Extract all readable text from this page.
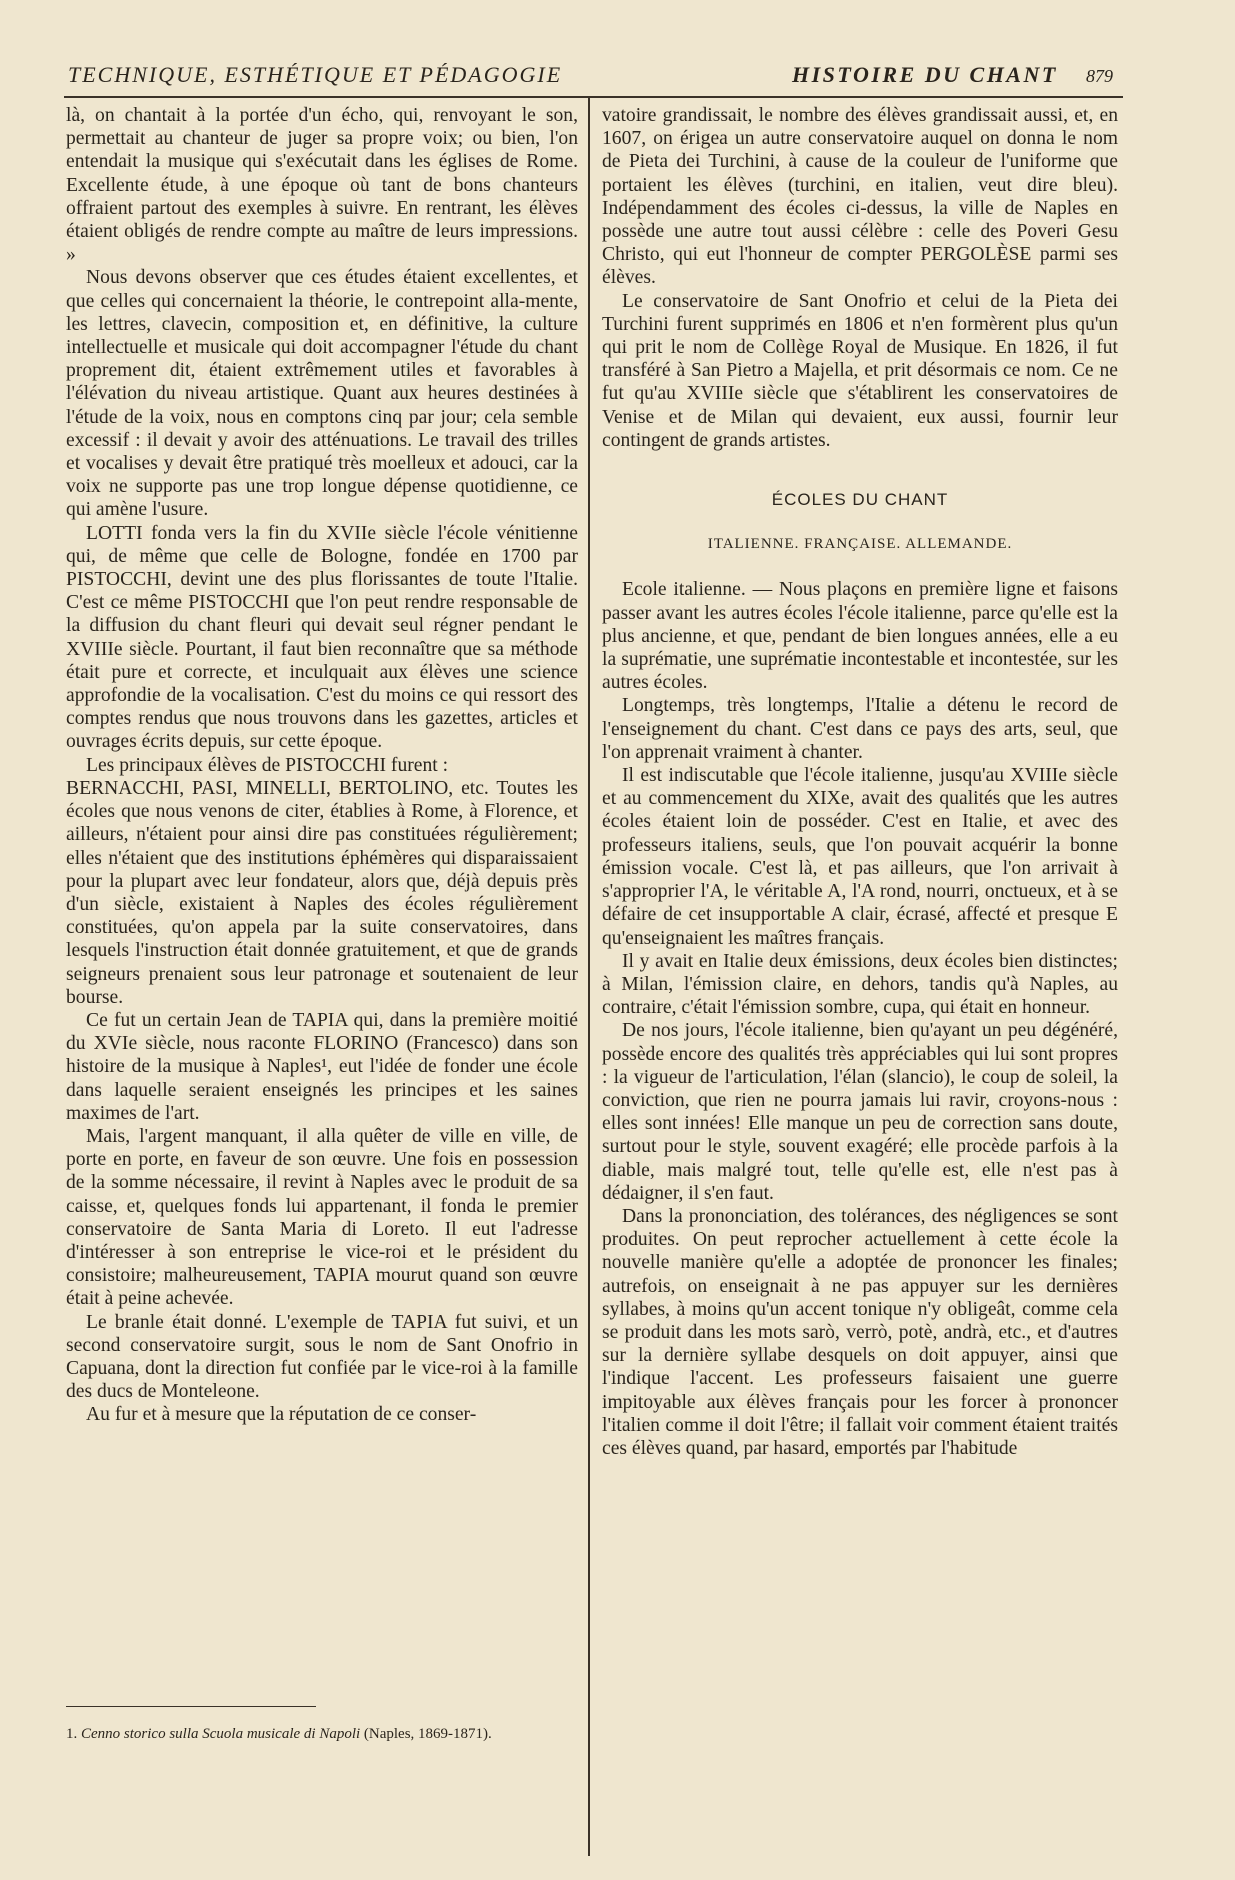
TECHNIQUE, ESTHÉTIQUE ET PÉDAGOGIE	HISTOIRE DU CHANT 879

là, on chantait à la portée d'un écho, qui, renvoyant le son, permettait au chanteur de juger sa propre voix; ou bien, l'on entendait la musique qui s'exécutait dans les églises de Rome. Excellente étude, à une époque où tant de bons chanteurs offraient partout des exemples à suivre. En rentrant, les élèves étaient obligés de rendre compte au maître de leurs impressions. »

Nous devons observer que ces études étaient excellentes, et que celles qui concernaient la théorie, le contrepoint alla-mente, les lettres, clavecin, composition et, en définitive, la culture intellectuelle et musicale qui doit accompagner l'étude du chant proprement dit, étaient extrêmement utiles et favorables à l'élévation du niveau artistique. Quant aux heures destinées à l'étude de la voix, nous en comptons cinq par jour; cela semble excessif : il devait y avoir des atténuations. Le travail des trilles et vocalises y devait être pratiqué très moelleux et adouci, car la voix ne supporte pas une trop longue dépense quotidienne, ce qui amène l'usure.

LOTTI fonda vers la fin du XVIIe siècle l'école vénitienne qui, de même que celle de Bologne, fondée en 1700 par PISTOCCHI, devint une des plus florissantes de toute l'Italie. C'est ce même PISTOCCHI que l'on peut rendre responsable de la diffusion du chant fleuri qui devait seul régner pendant le XVIIIe siècle. Pourtant, il faut bien reconnaître que sa méthode était pure et correcte, et inculquait aux élèves une science approfondie de la vocalisation. C'est du moins ce qui ressort des comptes rendus que nous trouvons dans les gazettes, articles et ouvrages écrits depuis, sur cette époque.

Les principaux élèves de PISTOCCHI furent :

BERNACCHI, PASI, MINELLI, BERTOLINO, etc. Toutes les écoles que nous venons de citer, établies à Rome, à Florence, et ailleurs, n'étaient pour ainsi dire pas constituées régulièrement; elles n'étaient que des institutions éphémères qui disparaissaient pour la plupart avec leur fondateur, alors que, déjà depuis près d'un siècle, existaient à Naples des écoles régulièrement constituées, qu'on appela par la suite conservatoires, dans lesquels l'instruction était donnée gratuitement, et que de grands seigneurs prenaient sous leur patronage et soutenaient de leur bourse.

Ce fut un certain Jean de TAPIA qui, dans la première moitié du XVIe siècle, nous raconte FLORINO (Francesco) dans son histoire de la musique à Naples¹, eut l'idée de fonder une école dans laquelle seraient enseignés les principes et les saines maximes de l'art.

Mais, l'argent manquant, il alla quêter de ville en ville, de porte en porte, en faveur de son œuvre. Une fois en possession de la somme nécessaire, il revint à Naples avec le produit de sa caisse, et, quelques fonds lui appartenant, il fonda le premier conservatoire de Santa Maria di Loreto. Il eut l'adresse d'intéresser à son entreprise le vice-roi et le président du consistoire; malheureusement, TAPIA mourut quand son œuvre était à peine achevée.

Le branle était donné. L'exemple de TAPIA fut suivi, et un second conservatoire surgit, sous le nom de Sant Onofrio in Capuana, dont la direction fut confiée par le vice-roi à la famille des ducs de Monteleone.

Au fur et à mesure que la réputation de ce conser-

1. Cenno storico sulla Scuola musicale di Napoli (Naples, 1869-1871).

vatoire grandissait, le nombre des élèves grandissait aussi, et, en 1607, on érigea un autre conservatoire auquel on donna le nom de Pieta dei Turchini, à cause de la couleur de l'uniforme que portaient les élèves (turchini, en italien, veut dire bleu). Indépendamment des écoles ci-dessus, la ville de Naples en possède une autre tout aussi célèbre : celle des Poveri Gesu Christo, qui eut l'honneur de compter PERGOLÈSE parmi ses élèves.

Le conservatoire de Sant Onofrio et celui de la Pieta dei Turchini furent supprimés en 1806 et n'en formèrent plus qu'un qui prit le nom de Collège Royal de Musique. En 1826, il fut transféré à San Pietro a Majella, et prit désormais ce nom. Ce ne fut qu'au XVIIIe siècle que s'établirent les conservatoires de Venise et de Milan qui devaient, eux aussi, fournir leur contingent de grands artistes.

ÉCOLES DU CHANT
ITALIENNE. FRANÇAISE. ALLEMANDE.

Ecole italienne. — Nous plaçons en première ligne et faisons passer avant les autres écoles l'école italienne, parce qu'elle est la plus ancienne, et que, pendant de bien longues années, elle a eu la suprématie, une suprématie incontestable et incontestée, sur les autres écoles.

Longtemps, très longtemps, l'Italie a détenu le record de l'enseignement du chant. C'est dans ce pays des arts, seul, que l'on apprenait vraiment à chanter.

Il est indiscutable que l'école italienne, jusqu'au XVIIIe siècle et au commencement du XIXe, avait des qualités que les autres écoles étaient loin de posséder. C'est en Italie, et avec des professeurs italiens, seuls, que l'on pouvait acquérir la bonne émission vocale. C'est là, et pas ailleurs, que l'on arrivait à s'approprier l'A, le véritable A, l'A rond, nourri, onctueux, et à se défaire de cet insupportable A clair, écrasé, affecté et presque E qu'enseignaient les maîtres français.

Il y avait en Italie deux émissions, deux écoles bien distinctes; à Milan, l'émission claire, en dehors, tandis qu'à Naples, au contraire, c'était l'émission sombre, cupa, qui était en honneur.

De nos jours, l'école italienne, bien qu'ayant un peu dégénéré, possède encore des qualités très appréciables qui lui sont propres : la vigueur de l'articulation, l'élan (slancio), le coup de soleil, la conviction, que rien ne pourra jamais lui ravir, croyons-nous : elles sont innées! Elle manque un peu de correction sans doute, surtout pour le style, souvent exagéré; elle procède parfois à la diable, mais malgré tout, telle qu'elle est, elle n'est pas à dédaigner, il s'en faut.

Dans la prononciation, des tolérances, des négligences se sont produites. On peut reprocher actuellement à cette école la nouvelle manière qu'elle a adoptée de prononcer les finales; autrefois, on enseignait à ne pas appuyer sur les dernières syllabes, à moins qu'un accent tonique n'y obligeât, comme cela se produit dans les mots sarò, verrò, potè, andrà, etc., et d'autres sur la dernière syllabe desquels on doit appuyer, ainsi que l'indique l'accent. Les professeurs faisaient une guerre impitoyable aux élèves français pour les forcer à prononcer l'italien comme il doit l'être; il fallait voir comment étaient traités ces élèves quand, par hasard, emportés par l'habitude
